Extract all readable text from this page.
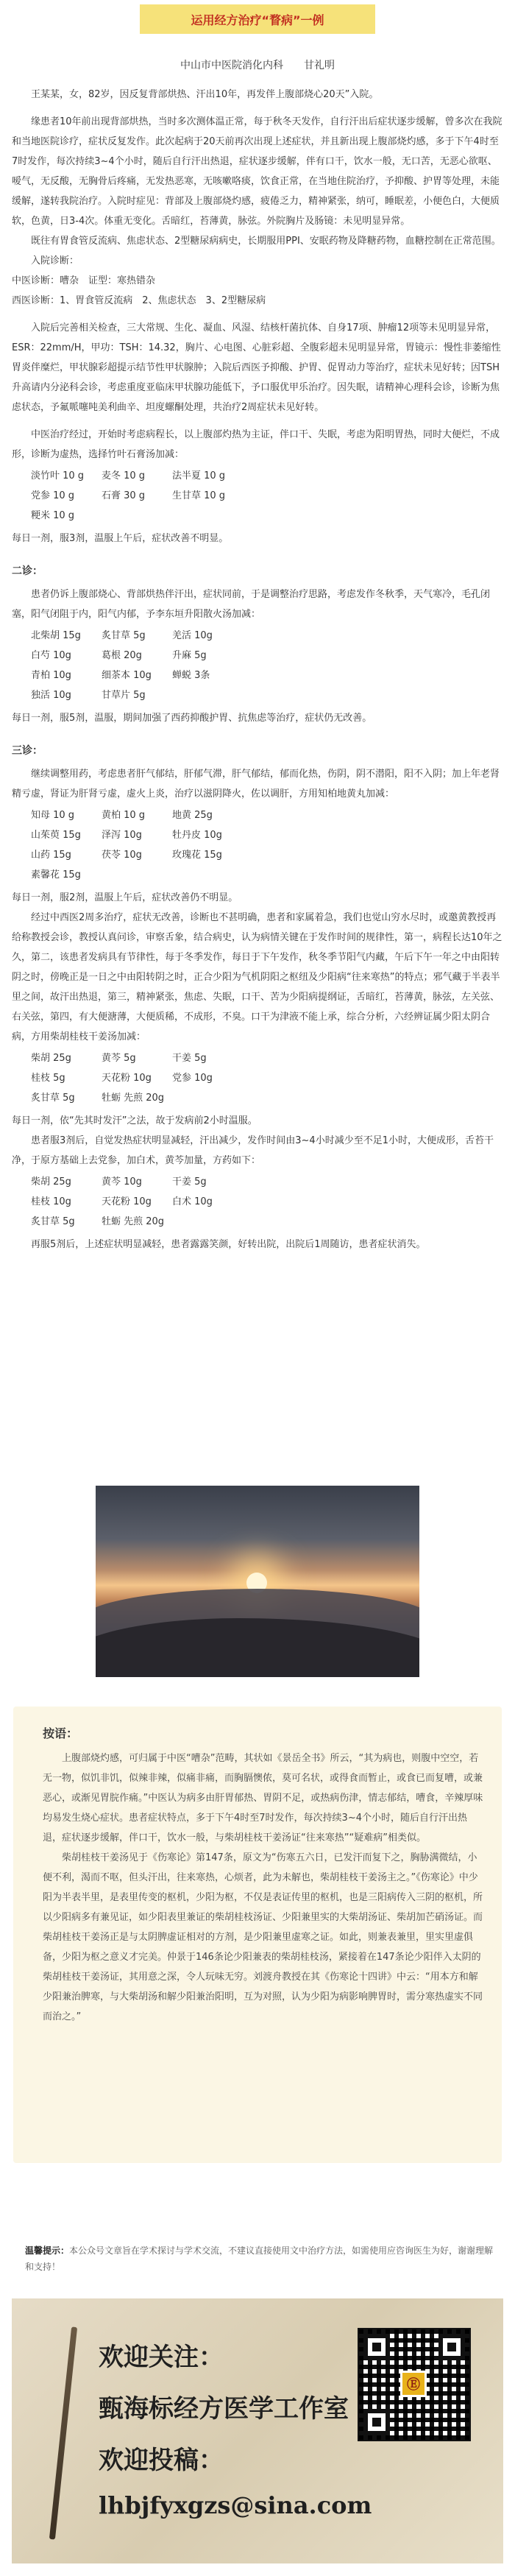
运用经方治疗“瞀病”一例
中山市中医院消化内科　　甘礼明

王某某，女，82岁，因反复背部烘热、汗出10年，再发伴上腹部烧心20天”入院。

缘患者10年前出现背部烘热，当时多次测体温正常，每于秋冬天发作，自行汗出后症状逐步缓解，曾多次在我院和当地医院诊疗，症状反复发作。此次起病于20天前再次出现上述症状，并且新出现上腹部烧灼感，多于下午4时至7时发作，每次持续3~4个小时，随后自行汗出热退，症状逐步缓解，伴有口干，饮水一般，无口苦，无恶心欲呕、嗳气，无反酸，无胸骨后疼痛，无发热恶寒，无咳嗽咯痰，饮食正常，在当地住院治疗，予抑酸、护胃等处理，未能缓解，遂转我院治疗。入院时症见：背部及上腹部烧灼感，疲倦乏力，精神紧张，纳可，睡眠差，小便色白，大便质软，色黄，日3-4次。体重无变化。舌暗红，苔薄黄，脉弦。外院胸片及肠镜：未见明显异常。

既往有胃食管反流病、焦虑状态、2型糖尿病病史，长期服用PPI、安眠药物及降糖药物，血糖控制在正常范围。

入院诊断：

中医诊断：嘈杂　证型：寒热错杂

西医诊断：1、胃食管反流病　2、焦虑状态　3、2型糖尿病

入院后完善相关检查，三大常规、生化、凝血、风湿、结核杆菌抗体、自身17项、肿瘤12项等未见明显异常，ESR：22mm/H，甲功：TSH：14.32，胸片、心电图、心脏彩超、全腹彩超未见明显异常，胃镜示：慢性非萎缩性胃炎伴糜烂，甲状腺彩超提示结节性甲状腺肿；入院后西医予抑酸、护胃、促胃动力等治疗，症状未见好转；因TSH升高请内分泌科会诊，考虑重度亚临床甲状腺功能低下，予口服优甲乐治疗。因失眠，请精神心理科会诊，诊断为焦虑状态，予氟哌噻吨美利曲辛、坦度螺酮处理，共治疗2周症状未见好转。

中医治疗经过，开始时考虑病程长，以上腹部灼热为主证，伴口干、失眠，考虑为阳明胃热，同时大便烂，不成形，诊断为虚热，选择竹叶石膏汤加减：

淡竹叶 10 g 麦冬 10 g	法半夏 10 g
党参 10 g	石膏 30 g	生甘草 10 g
粳米 10 g

每日一剂，服3剂，温服上午后，症状改善不明显。

二诊：

患者仍诉上腹部烧心、背部烘热伴汗出，症状同前，于是调整治疗思路，考虑发作冬秋季，天气寒冷，毛孔闭塞，阳气闭阻于内，阳气内郁，予李东垣升阳散火汤加减：

北柴胡 15g 炙甘草 5g	羌活 10g
白芍 10g	葛根 20g	升麻 5g
青柏 10g	细茶本 10g 蝉蜕 3条
独活 10g	甘草片 5g

每日一剂，服5剂，温服，期间加强了西药抑酸护胃、抗焦虑等治疗，症状仍无改善。

三诊：

继续调整用药，考虑患者肝气郁结，肝郁气滞，肝气郁结，郁而化热，伤阴，阴不潜阳，阳不入阴；加上年老肾精亏虚，肾证为肝肾亏虚，虚火上炎，治疗以滋阴降火，佐以调肝，方用知柏地黄丸加减：

知母 10 g	黄柏 10 g	地黄 25g
山茱萸 15g 泽泻 10g	牡丹皮 10g
山药 15g	茯苓 10g	玫瑰花 15g
素馨花 15g

每日一剂，服2剂，温服上午后，症状改善仍不明显。

经过中西医2周多治疗，症状无改善，诊断也不甚明确，患者和家属着急，我们也觉山穷水尽时，或邀黄教授再给称教授会诊，教授认真问诊，审察舌象，结合病史，认为病情关键在于发作时间的规律性，第一，病程长达10年之久，第二，该患者发病具有节律性，每于冬季发作，每日于下午发作，秋冬季节阳气内藏，午后下午一年之中由阳转阴之时，傍晚正是一日之中由阳转阴之时，正合少阳为气机阴阳之枢纽及少阳病“往来寒热”的特点；邪气藏于半表半里之间，故汗出热退，第三，精神紧张，焦虑、失眠，口干、苦为少阳病提纲证，舌暗红，苔薄黄，脉弦，左关弦、右关弦，第四，有大便溏薄，大便质稀，不成形，不臭。口干为津液不能上承，综合分析，六经辨证属少阳太阴合病，方用柴胡桂枝干姜汤加减：

柴胡 25g	黄芩 5g	干姜 5g
桂枝 5g	天花粉 10g 党参 10g
炙甘草 5g	牡蛎 先煎 20g

每日一剂，依“先其时发汗”之法，故于发病前2小时温服。

患者服3剂后，自觉发热症状明显减轻，汗出减少，发作时间由3~4小时减少至不足1小时，大便成形，舌苔干净，于原方基础上去党参，加白术，黄芩加量，方药如下：

柴胡 25g	黄芩 10g	干姜 5g
桂枝 10g	天花粉 10g 白术 10g
炙甘草 5g	牡蛎 先煎 20g

再服5剂后，上述症状明显减轻，患者露露笑颜，好转出院，出院后1周随访，患者症状消失。

按语：

上腹部烧灼感，可归属于中医“嘈杂”范畴，其状如《景岳全书》所云，“其为病也，则腹中空空，若无一物，似饥非饥，似辣非辣，似痛非痛，而胸膈懊侬，莫可名状，或得食而暂止，或食已而复嘈，或兼恶心，或渐见胃脘作痛。”中医认为病多由肝胃郁热、胃阴不足，或热病伤津，情志郁结，嘈食，辛辣厚味均易发生烧心症状。患者症状特点，多于下午4时至7时发作，每次持续3~4个小时，随后自行汗出热退，症状逐步缓解，伴口干，饮水一般，与柴胡桂枝干姜汤证“往来寒热”“疑难病”相类似。

柴胡桂枝干姜汤见于《伤寒论》第147条，原文为“伤寒五六日，已发汗而复下之，胸胁满微结，小便不利，渴而不呕，但头汗出，往来寒热，心烦者，此为未解也，柴胡桂枝干姜汤主之。”《伤寒论》中少阳为半表半里，是表里传变的枢机，少阳为枢，不仅是表证传里的枢机，也是三阳病传入三阴的枢机，所以少阳病多有兼见证，如少阳表里兼证的柴胡桂枝汤证、少阳兼里实的大柴胡汤证、柴胡加芒硝汤证。而柴胡桂枝干姜汤正是与太阴脾虚证相对的方剂，是少阳兼里虚寒之证。如此，则兼表兼里，里实里虚俱备，少阳为枢之意义才完美。仲景于146条论少阳兼表的柴胡桂枝汤，紧接着在147条论少阳伴入太阴的柴胡桂枝干姜汤证，其用意之深，令人玩味无穷。刘渡舟教授在其《伤寒论十四讲》中云：“用本方和解少阳兼治脾寒，与大柴胡汤和解少阳兼治阳明，互为对照，认为少阳为病影响脾胃时，需分寒热虚实不同而治之。”

温馨提示：本公众号文章旨在学术探讨与学术交流，不建议直接使用文中治疗方法，如需使用应咨询医生为好，谢谢理解和支持！
欢迎关注：
甄海标经方医学工作室
欢迎投稿：
lhbjfyxgzs@sina.com
Ⓔ
